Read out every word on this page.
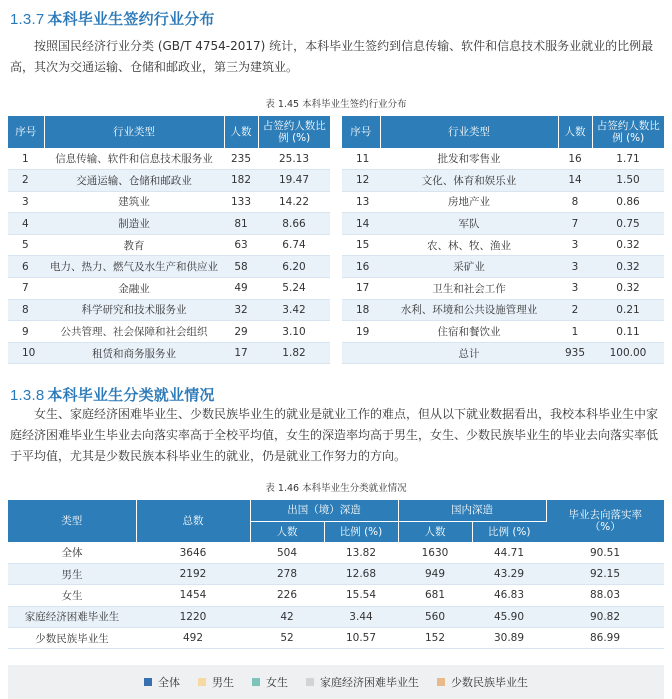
1.3.7 本科毕业生签约行业分布

按照国民经济行业分类 (GB/T 4754-2017) 统计，本科毕业生签约到信息传输、软件和信息技术服务业就业的比例最高，其次为交通运输、仓储和邮政业，第三为建筑业。

表 1.45 本科毕业生签约行业分布
序号	行业类型	人数	占签约人数比例 (%)
1	信息传输、软件和信息技术服务业	235	25.13
2	交通运输、仓储和邮政业	182	19.47
3	建筑业	133	14.22
4	制造业	81	8.66
5	教育	63	6.74
6	电力、热力、燃气及水生产和供应业	58	6.20
7	金融业	49	5.24
8	科学研究和技术服务业	32	3.42
9	公共管理、社会保障和社会组织	29	3.10
10	租赁和商务服务业	17	1.82
序号	行业类型	人数	占签约人数比例 (%)
11	批发和零售业	16	1.71
12	文化、体育和娱乐业	14	1.50
13	房地产业	8	0.86
14	军队	7	0.75
15	农、林、牧、渔业	3	0.32
16	采矿业	3	0.32
17	卫生和社会工作	3	0.32
18	水利、环境和公共设施管理业	2	0.21
19	住宿和餐饮业	1	0.11
	总计	935	100.00
1.3.8 本科毕业生分类就业情况

女生、家庭经济困难毕业生、少数民族毕业生的就业是就业工作的难点，但从以下就业数据看出，我校本科毕业生中家庭经济困难毕业生毕业去向落实率高于全校平均值，女生的深造率均高于男生，女生、少数民族毕业生的毕业去向落实率低于平均值，尤其是少数民族本科毕业生的就业，仍是就业工作努力的方向。

表 1.46 本科毕业生分类就业情况
类型	总数	出国（境）深造		国内深造		毕业去向落实率（%）
		人数	比例 (%)	人数	比例 (%)	
全体	3646	504	13.82	1630	44.71	90.51
男生	2192	278	12.68	949	43.29	92.15
女生	1454	226	15.54	681	46.83	88.03
家庭经济困难毕业生	1220	42	3.44	560	45.90	90.82
少数民族毕业生	492	52	10.57	152	30.89	86.99
全体	男生	女生	家庭经济困难毕业生	少数民族毕业生
